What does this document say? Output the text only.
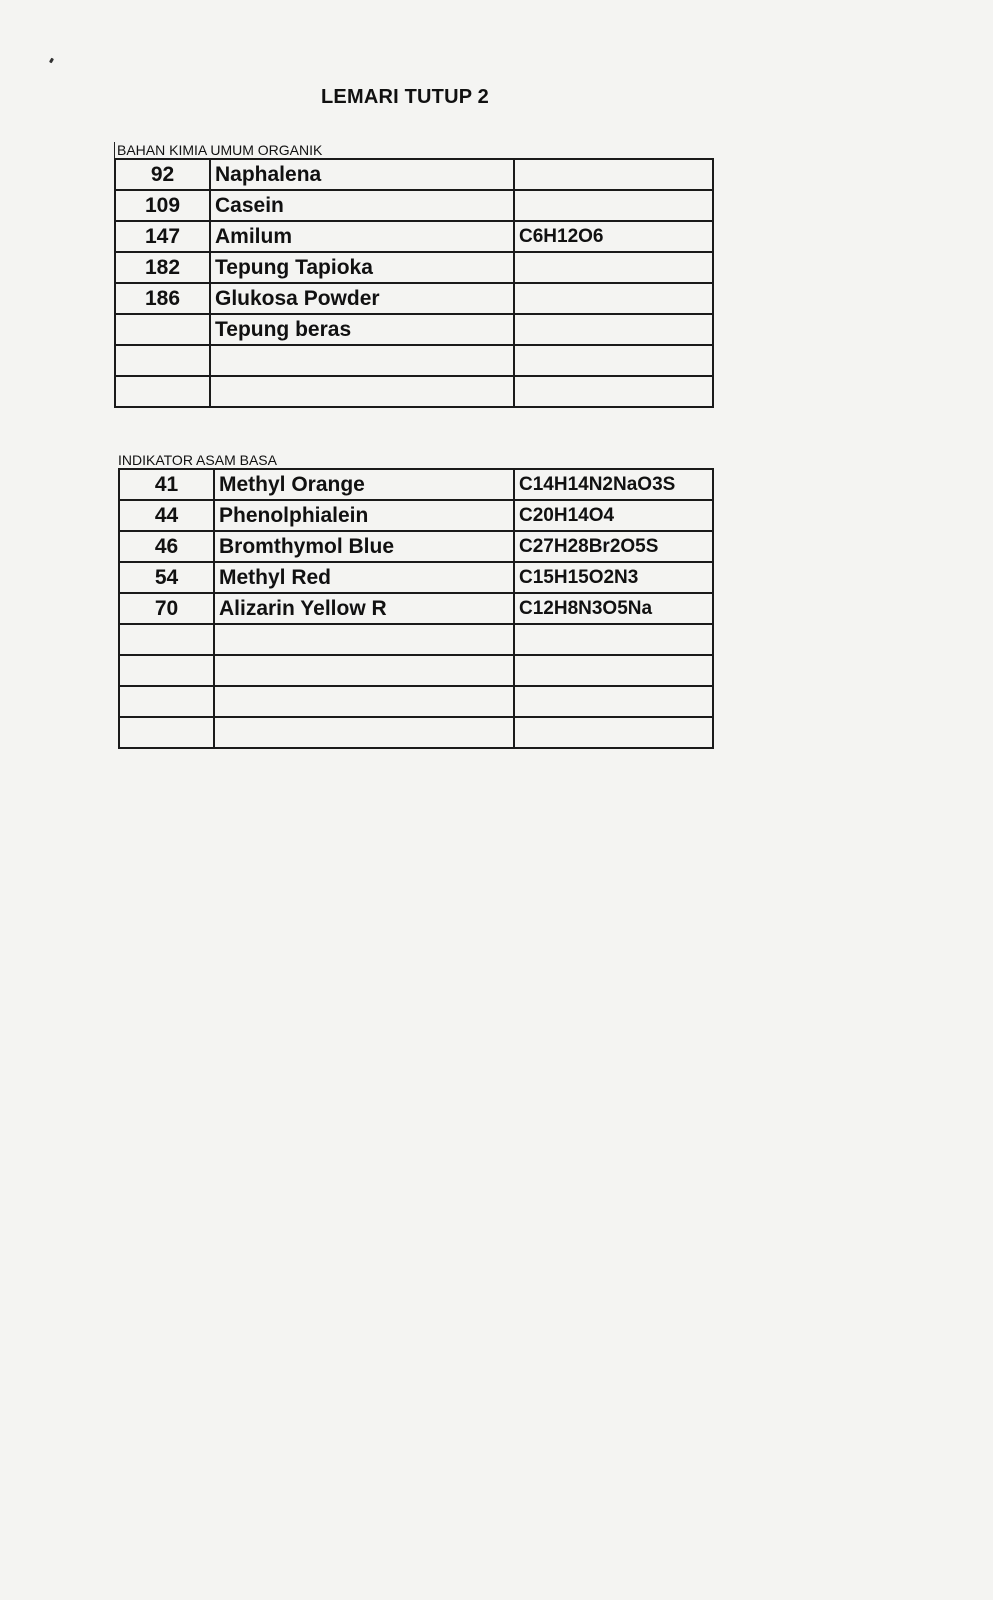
LEMARI TUTUP 2
BAHAN KIMIA UMUM ORGANIK
92	Naphalena	
109	Casein	
147	Amilum	C6H12O6
182	Tepung Tapioka	
186	Glukosa Powder	
	Tepung beras	

INDIKATOR ASAM BASA
41	Methyl Orange	C14H14N2NaO3S
44	Phenolphialein	C20H14O4
46	Bromthymol Blue	C27H28Br2O5S
54	Methyl Red	C15H15O2N3
70	Alizarin Yellow R	C12H8N3O5Na
